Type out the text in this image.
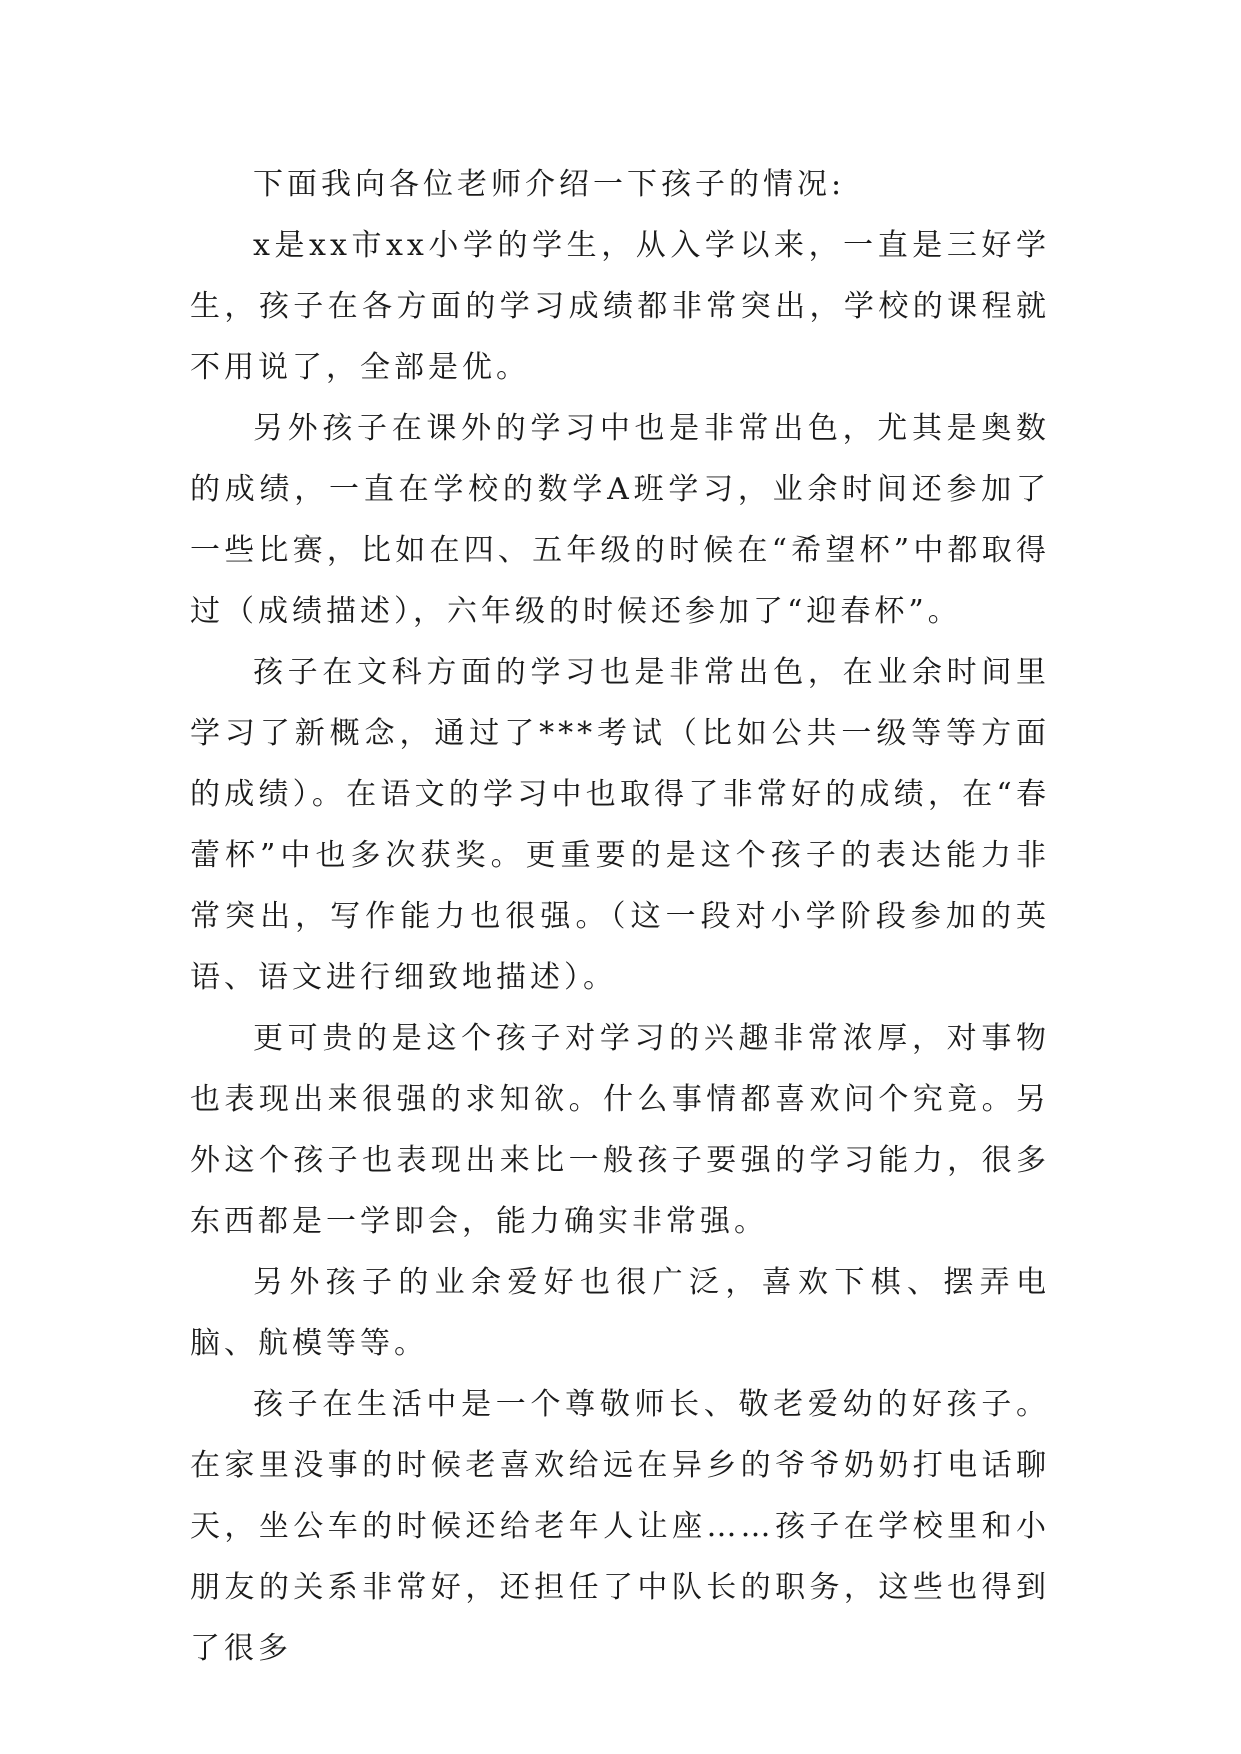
下面我向各位老师介绍一下孩子的情况:

x是xx市xx小学的学生，从入学以来，一直是三好学生，孩子在各方面的学习成绩都非常突出，学校的课程就不用说了，全部是优。

另外孩子在课外的学习中也是非常出色，尤其是奥数的成绩，一直在学校的数学A班学习，业余时间还参加了一些比赛，比如在四、五年级的时候在“希望杯”中都取得过（成绩描述），六年级的时候还参加了“迎春杯”。

孩子在文科方面的学习也是非常出色，在业余时间里学习了新概念，通过了***考试（比如公共一级等等方面的成绩）。在语文的学习中也取得了非常好的成绩，在“春蕾杯”中也多次获奖。更重要的是这个孩子的表达能力非常突出，写作能力也很强。（这一段对小学阶段参加的英语、语文进行细致地描述）。

更可贵的是这个孩子对学习的兴趣非常浓厚，对事物也表现出来很强的求知欲。什么事情都喜欢问个究竟。另外这个孩子也表现出来比一般孩子要强的学习能力，很多东西都是一学即会，能力确实非常强。

另外孩子的业余爱好也很广泛，喜欢下棋、摆弄电脑、航模等等。

孩子在生活中是一个尊敬师长、敬老爱幼的好孩子。在家里没事的时候老喜欢给远在异乡的爷爷奶奶打电话聊天，坐公车的时候还给老年人让座……孩子在学校里和小朋友的关系非常好，还担任了中队长的职务，这些也得到了很多
